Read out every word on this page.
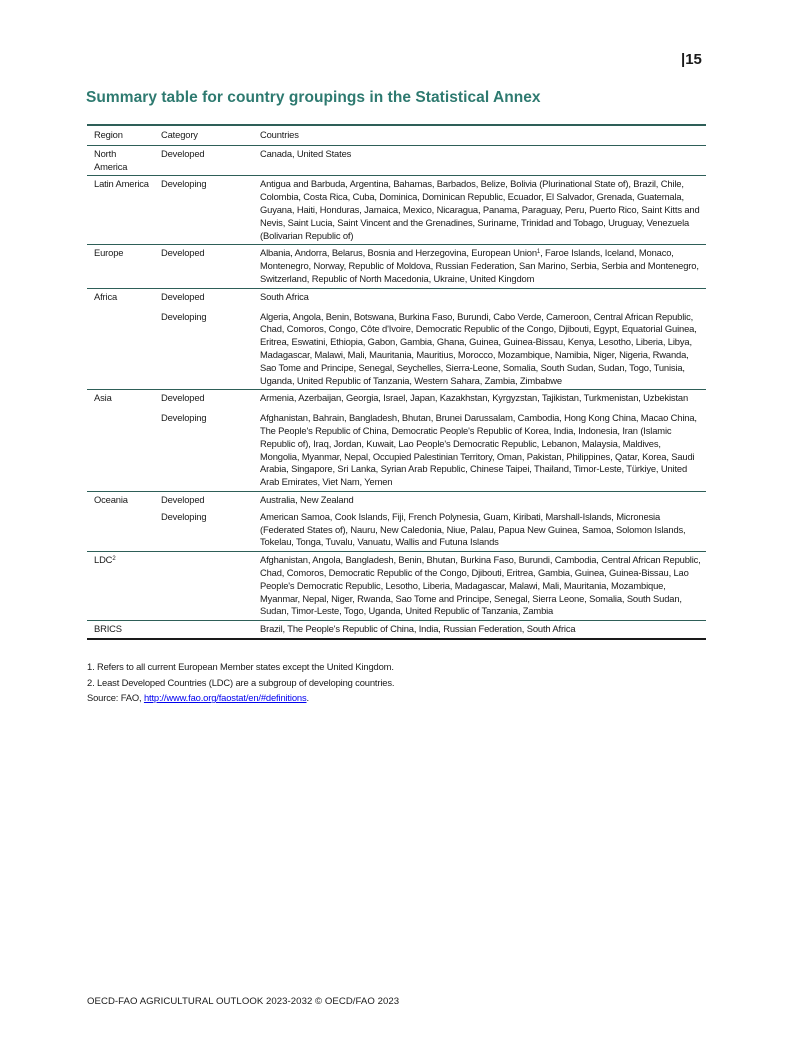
|15
Summary table for country groupings in the Statistical Annex
Region	Category	Countries
North America	Developed	Canada, United States
Latin America	Developing	Antigua and Barbuda, Argentina, Bahamas, Barbados, Belize, Bolivia (Plurinational State of), Brazil, Chile, Colombia, Costa Rica, Cuba, Dominica, Dominican Republic, Ecuador, El Salvador, Grenada, Guatemala, Guyana, Haiti, Honduras, Jamaica, Mexico, Nicaragua, Panama, Paraguay, Peru, Puerto Rico, Saint Kitts and Nevis, Saint Lucia, Saint Vincent and the Grenadines, Suriname, Trinidad and Tobago, Uruguay, Venezuela (Bolivarian Republic of)
Europe	Developed	Albania, Andorra, Belarus, Bosnia and Herzegovina, European Union$^1$, Faroe Islands, Iceland, Monaco, Montenegro, Norway, Republic of Moldova, Russian Federation, San Marino, Serbia, Serbia and Montenegro, Switzerland, Republic of North Macedonia, Ukraine, United Kingdom
Africa	Developed	South Africa
	Developing	Algeria, Angola, Benin, Botswana, Burkina Faso, Burundi, Cabo Verde, Cameroon, Central African Republic, Chad, Comoros, Congo, Côte d'Ivoire, Democratic Republic of the Congo, Djibouti, Egypt, Equatorial Guinea, Eritrea, Eswatini, Ethiopia, Gabon, Gambia, Ghana, Guinea, Guinea-Bissau, Kenya, Lesotho, Liberia, Libya, Madagascar, Malawi, Mali, Mauritania, Mauritius, Morocco, Mozambique, Namibia, Niger, Nigeria, Rwanda, Sao Tome and Principe, Senegal, Seychelles, Sierra-Leone, Somalia, South Sudan, Sudan, Togo, Tunisia, Uganda, United Republic of Tanzania, Western Sahara, Zambia, Zimbabwe
Asia	Developed	Armenia, Azerbaijan, Georgia, Israel, Japan, Kazakhstan, Kyrgyzstan, Tajikistan, Turkmenistan, Uzbekistan
	Developing	Afghanistan, Bahrain, Bangladesh, Bhutan, Brunei Darussalam, Cambodia, Hong Kong China, Macao China, The People's Republic of China, Democratic People's Republic of Korea, India, Indonesia, Iran (Islamic Republic of), Iraq, Jordan, Kuwait, Lao People's Democratic Republic, Lebanon, Malaysia, Maldives, Mongolia, Myanmar, Nepal, Occupied Palestinian Territory, Oman, Pakistan, Philippines, Qatar, Korea, Saudi Arabia, Singapore, Sri Lanka, Syrian Arab Republic, Chinese Taipei, Thailand, Timor-Leste, Türkiye, United Arab Emirates, Viet Nam, Yemen
Oceania	Developed	Australia, New Zealand
	Developing	American Samoa, Cook Islands, Fiji, French Polynesia, Guam, Kiribati, Marshall-Islands, Micronesia (Federated States of), Nauru, New Caledonia, Niue, Palau, Papua New Guinea, Samoa, Solomon Islands, Tokelau, Tonga, Tuvalu, Vanuatu, Wallis and Futuna Islands
LDC$^2$		Afghanistan, Angola, Bangladesh, Benin, Bhutan, Burkina Faso, Burundi, Cambodia, Central African Republic, Chad, Comoros, Democratic Republic of the Congo, Djibouti, Eritrea, Gambia, Guinea, Guinea-Bissau, Lao People's Democratic Republic, Lesotho, Liberia, Madagascar, Malawi, Mali, Mauritania, Mozambique, Myanmar, Nepal, Niger, Rwanda, Sao Tome and Principe, Senegal, Sierra Leone, Somalia, South Sudan, Sudan, Timor-Leste, Togo, Uganda, United Republic of Tanzania, Zambia
BRICS		Brazil, The People's Republic of China, India, Russian Federation, South Africa
1. Refers to all current European Member states except the United Kingdom.
2. Least Developed Countries (LDC) are a subgroup of developing countries.
Source: FAO, http://www.fao.org/faostat/en/#definitions.
OECD-FAO AGRICULTURAL OUTLOOK 2023-2032 © OECD/FAO 2023
